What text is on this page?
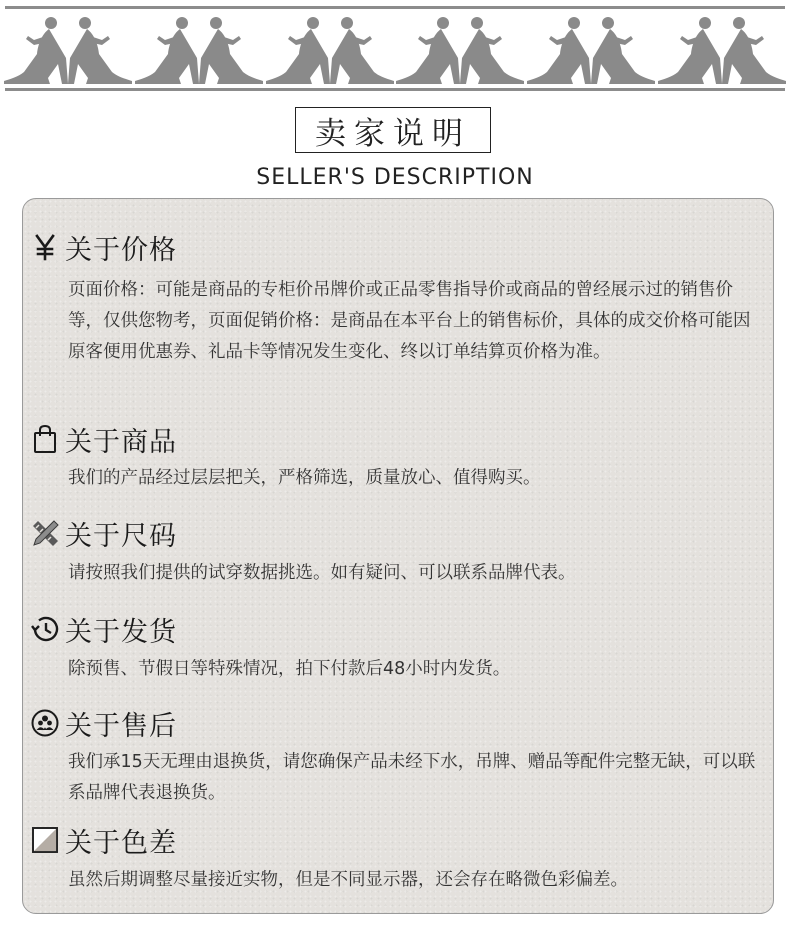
卖家说明
SELLER'S DESCRIPTION
关于价格
页面价格：可能是商品的专柜价吊牌价或正品零售指导价或商品的曾经展示过的销售价等，仅供您物考，页面促销价格：是商品在本平台上的销售标价，具体的成交价格可能因原客便用优惠券、礼品卡等情况发生变化、终以订单结算页价格为准。
关于商品
我们的产品经过层层把关，严格筛选，质量放心、值得购买。
关于尺码
请按照我们提供的试穿数据挑选。如有疑问、可以联系品牌代表。
关于发货
除预售、节假日等特殊情况，拍下付款后48小时内发货。
关于售后
我们承15天无理由退换货，请您确保产品未经下水，吊牌、赠品等配件完整无缺，可以联系品牌代表退换货。
关于色差
虽然后期调整尽量接近实物，但是不同显示器，还会存在略微色彩偏差。
